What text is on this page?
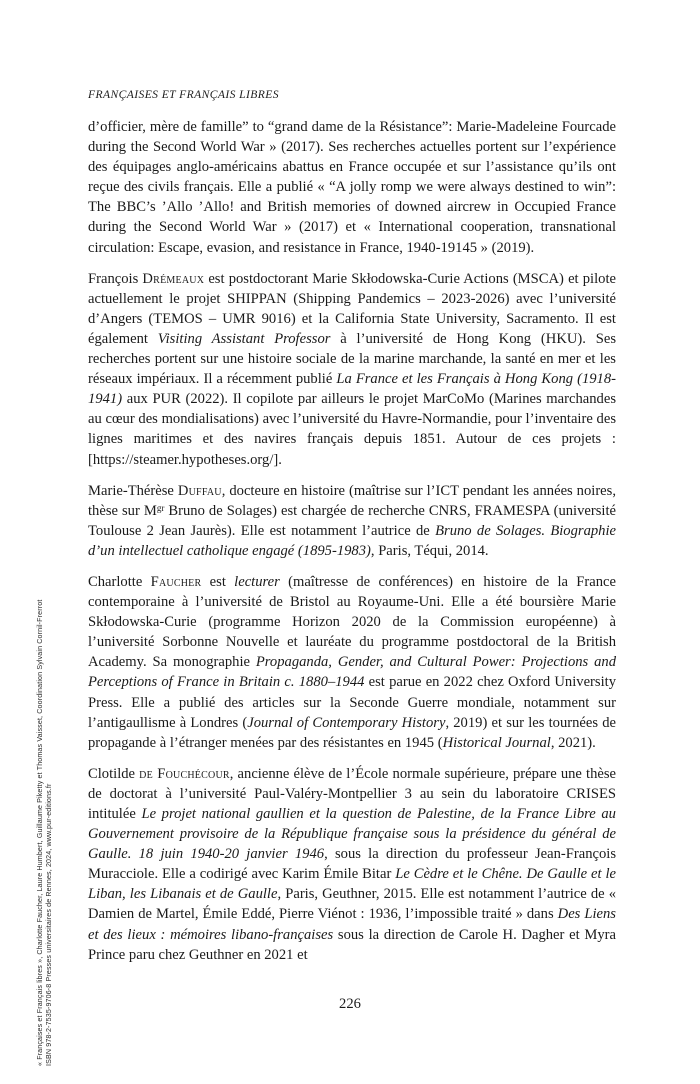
« Françaises et Français libres », Charlotte Faucher, Laure Humbert, Guillaume Piketty et Thomas Vaisset, Coordination Sylvain Cornil-Frerrot ISBN 978-2-7535-9706-8 Presses universitaires de Rennes, 2024, www.pur-editions.fr
FRANÇAISES ET FRANÇAIS LIBRES

d’officier, mère de famille” to “grand dame de la Résistance”: Marie-Madeleine Fourcade during the Second World War » (2017). Ses recherches actuelles portent sur l’expérience des équipages anglo-américains abattus en France occupée et sur l’assistance qu’ils ont reçue des civils français. Elle a publié « “A jolly romp we were always destined to win”: The BBC’s ’Allo ’Allo! and British memories of downed aircrew in Occupied France during the Second World War » (2017) et « International cooperation, transnational circulation: Escape, evasion, and resistance in France, 1940-19145 » (2019).

François Drémeaux est postdoctorant Marie Skłodowska-Curie Actions (MSCA) et pilote actuellement le projet SHIPPAN (Shipping Pandemics – 2023-2026) avec l’université d’Angers (TEMOS – UMR 9016) et la California State University, Sacramento. Il est également Visiting Assistant Professor à l’université de Hong Kong (HKU). Ses recherches portent sur une histoire sociale de la marine marchande, la santé en mer et les réseaux impériaux. Il a récemment publié La France et les Français à Hong Kong (1918-1941) aux PUR (2022). Il copilote par ailleurs le projet MarCoMo (Marines marchandes au cœur des mondialisations) avec l’université du Havre-Normandie, pour l’inventaire des lignes maritimes et des navires français depuis 1851. Autour de ces projets : [https://steamer.hypotheses.org/].

Marie-Thérèse Duffau, docteure en histoire (maîtrise sur l’ICT pendant les années noires, thèse sur $M^{gr}$ Bruno de Solages) est chargée de recherche CNRS, FRAMESPA (université Toulouse 2 Jean Jaurès). Elle est notamment l’autrice de Bruno de Solages. Biographie d’un intellectuel catholique engagé (1895-1983), Paris, Téqui, 2014.

Charlotte Faucher est lecturer (maîtresse de conférences) en histoire de la France contemporaine à l’université de Bristol au Royaume-Uni. Elle a été boursière Marie Skłodowska-Curie (programme Horizon 2020 de la Commission européenne) à l’université Sorbonne Nouvelle et lauréate du programme postdoctoral de la British Academy. Sa monographie Propaganda, Gender, and Cultural Power: Projections and Perceptions of France in Britain c. 1880–1944 est parue en 2022 chez Oxford University Press. Elle a publié des articles sur la Seconde Guerre mondiale, notamment sur l’antigaullisme à Londres (Journal of Contemporary History, 2019) et sur les tournées de propagande à l’étranger menées par des résistantes en 1945 (Historical Journal, 2021).

Clotilde de Fouchécour, ancienne élève de l’École normale supérieure, prépare une thèse de doctorat à l’université Paul-Valéry-Montpellier 3 au sein du laboratoire CRISES intitulée Le projet national gaullien et la question de Palestine, de la France Libre au Gouvernement provisoire de la République française sous la présidence du général de Gaulle. 18 juin 1940-20 janvier 1946, sous la direction du professeur Jean-François Muracciole. Elle a codirigé avec Karim Émile Bitar Le Cèdre et le Chêne. De Gaulle et le Liban, les Libanais et de Gaulle, Paris, Geuthner, 2015. Elle est notamment l’autrice de « Damien de Martel, Émile Eddé, Pierre Viénot : 1936, l’impossible traité » dans Des Liens et des lieux : mémoires libano-françaises sous la direction de Carole H. Dagher et Myra Prince paru chez Geuthner en 2021 et

226
